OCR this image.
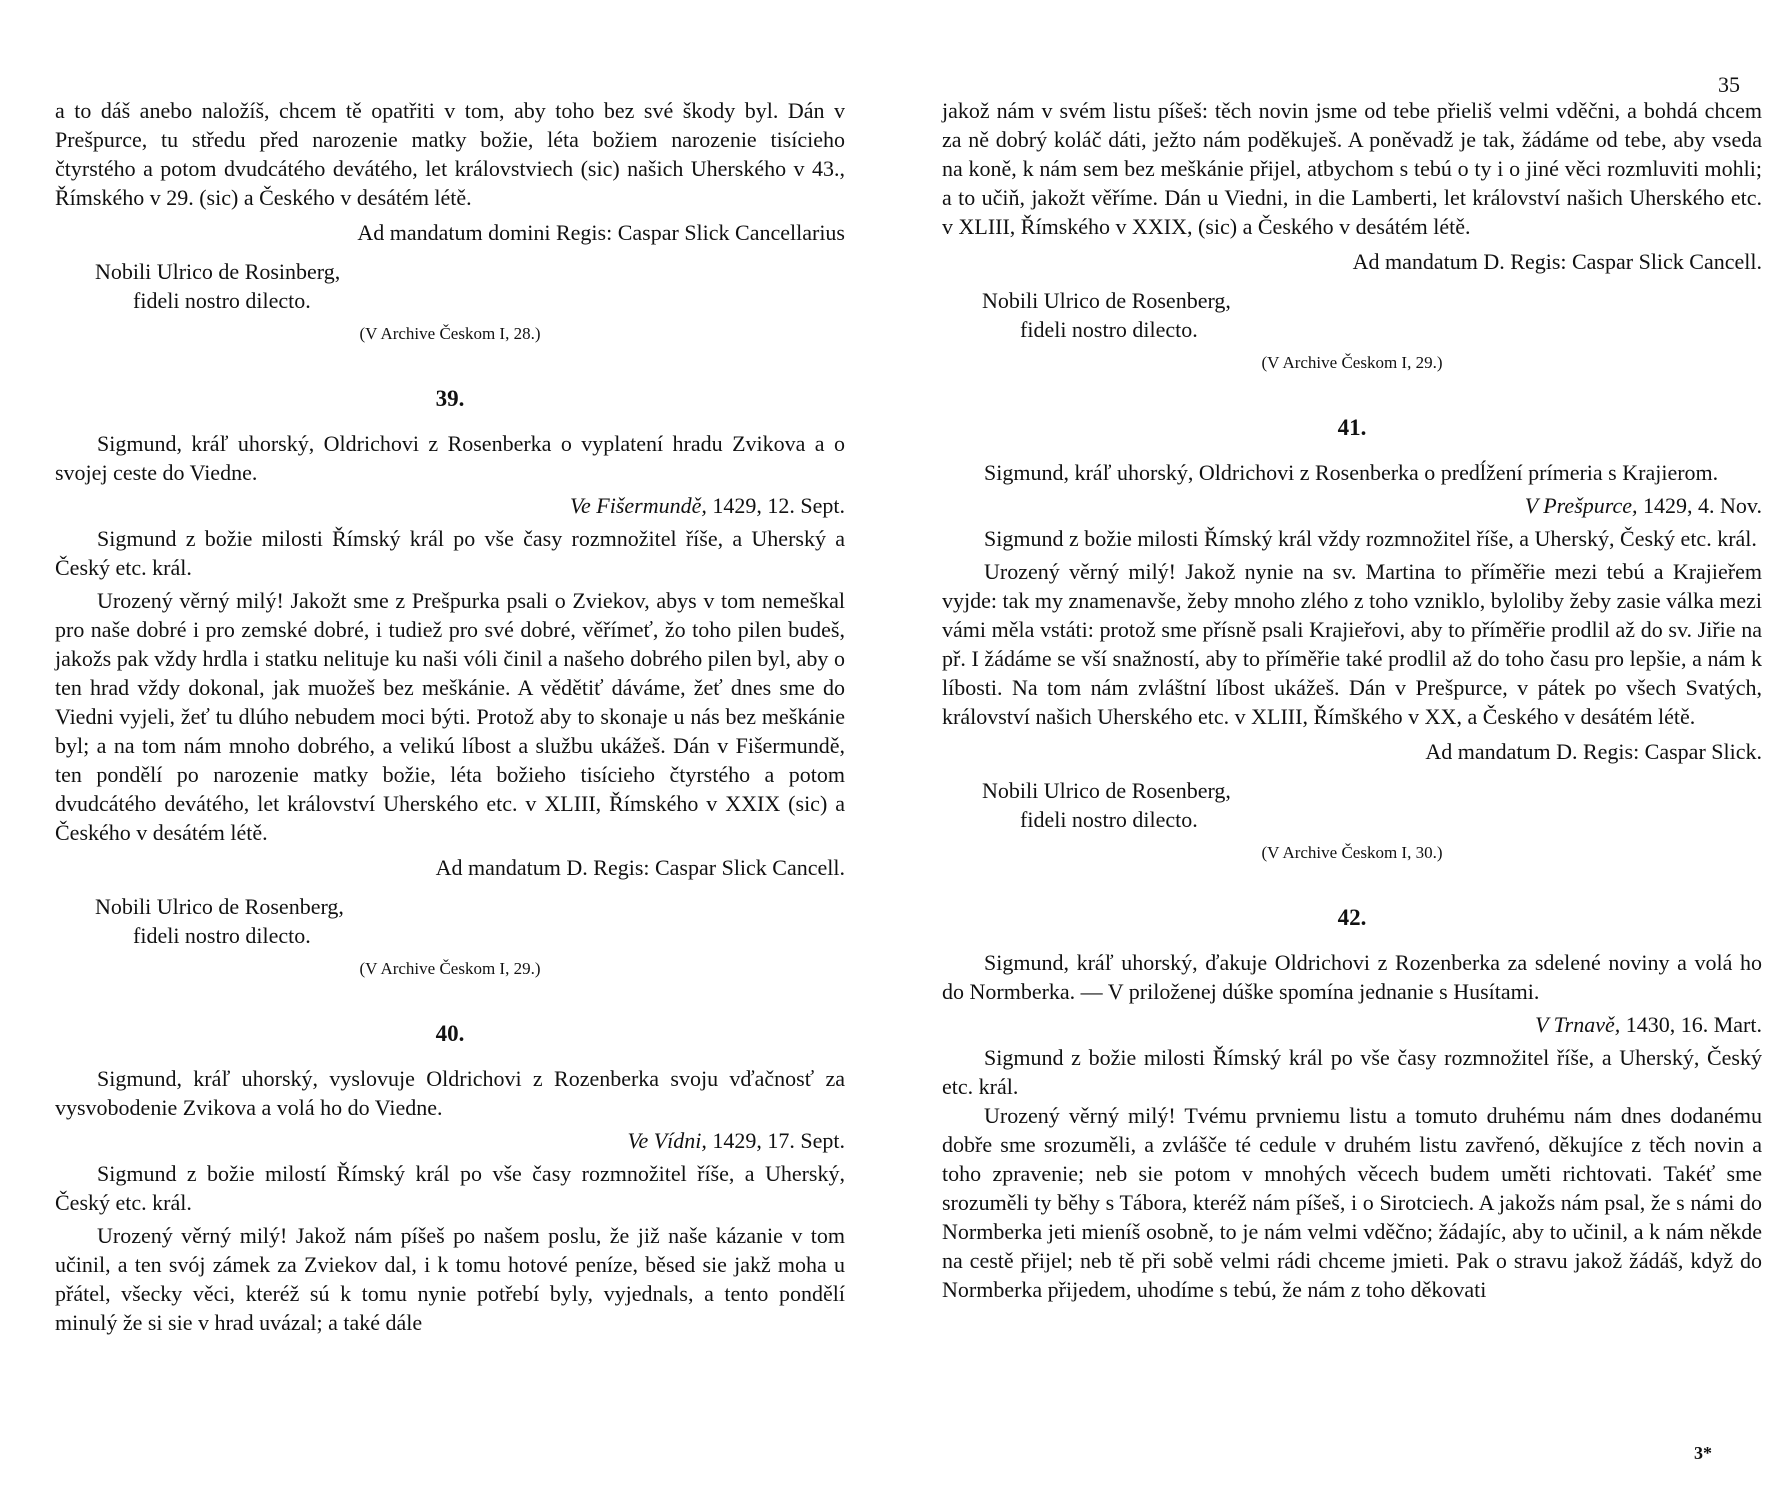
a to dáš anebo naložíš, chcem tě opatřiti v tom, aby toho bez své škody byl. Dán v Prešpurce, tu středu před narozenie matky božie, léta božiem narozenie tisícieho čtyrstého a potom dvudcátého devátého, let královstviech (sic) našich Uherského v 43., Římského v 29. (sic) a Českého v desátém létě.

Ad mandatum domini Regis: Caspar Slick Cancellarius

Nobili Ulrico de Rosinberg,
fideli nostro dilecto.
(V Archive Českom I, 28.)
39.

Sigmund, kráľ uhorský, Oldrichovi z Rosenberka o vyplatení hradu Zvikova a o svojej ceste do Viedne.

Ve Fišermundě, 1429, 12. Sept.

Sigmund z božie milosti Římský král po vše časy rozmnožitel říše, a Uherský a Český etc. král.

Urozený věrný milý! Jakožt sme z Prešpurka psali o Zviekov, abys v tom nemeškal pro naše dobré i pro zemské dobré, i tudiež pro své dobré, věřímeť, žo toho pilen budeš, jakožs pak vždy hrdla i statku nelituje ku naši vóli činil a našeho dobrého pilen byl, aby o ten hrad vždy dokonal, jak muožeš bez meškánie. A vědětiť dáváme, žeť dnes sme do Viedni vyjeli, žeť tu dlúho nebudem moci býti. Protož aby to skonaje u nás bez meškánie byl; a na tom nám mnoho dobrého, a velikú líbost a službu ukážeš. Dán v Fišermundě, ten pondělí po narozenie matky božie, léta božieho tisícieho čtyrstého a potom dvudcátého devátého, let království Uherského etc. v XLIII, Římského v XXIX (sic) a Českého v desátém létě.

Ad mandatum D. Regis: Caspar Slick Cancell.

Nobili Ulrico de Rosenberg,
fideli nostro dilecto.
(V Archive Českom I, 29.)
40.

Sigmund, kráľ uhorský, vyslovuje Oldrichovi z Rozenberka svoju vďačnosť za vysvobodenie Zvikova a volá ho do Viedne.

Ve Vídni, 1429, 17. Sept.

Sigmund z božie milostí Římský král po vše časy rozmnožitel říše, a Uherský, Český etc. král.

Urozený věrný milý! Jakož nám píšeš po našem poslu, že již naše kázanie v tom učinil, a ten svój zámek za Zviekov dal, i k tomu hotové peníze, běsed sie jakž moha u přátel, všecky věci, kteréž sú k tomu nynie potřebí byly, vyjednals, a tento pondělí minulý že si sie v hrad uvázal; a také dále

35

jakož nám v svém listu píšeš: těch novin jsme od tebe přieliš velmi vděčni, a bohdá chcem za ně dobrý koláč dáti, ježto nám poděkuješ. A poněvadž je tak, žádáme od tebe, aby vseda na koně, k nám sem bez meškánie přijel, atbychom s tebú o ty i o jiné věci rozmluviti mohli; a to učiň, jakožt věříme. Dán u Viedni, in die Lamberti, let království našich Uherského etc. v XLIII, Římského v XXIX, (sic) a Českého v desátém létě.

Ad mandatum D. Regis: Caspar Slick Cancell.

Nobili Ulrico de Rosenberg,
fideli nostro dilecto.
(V Archive Českom I, 29.)
41.

Sigmund, kráľ uhorský, Oldrichovi z Rosenberka o predĺžení prímeria s Krajierom.

V Prešpurce, 1429, 4. Nov.

Sigmund z božie milosti Římský král vždy rozmnožitel říše, a Uherský, Český etc. král.

Urozený věrný milý! Jakož nynie na sv. Martina to příměřie mezi tebú a Krajieřem vyjde: tak my znamenavše, žeby mnoho zlého z toho vzniklo, byloliby žeby zasie válka mezi vámi měla vstáti: protož sme přísně psali Krajieřovi, aby to příměřie prodlil až do sv. Jiřie na př. I žádáme se vší snažností, aby to příměřie také prodlil až do toho času pro lepšie, a nám k líbosti. Na tom nám zvláštní líbost ukážeš. Dán v Prešpurce, v pátek po všech Svatých, království našich Uherského etc. v XLIII, Římškého v XX, a Českého v desátém létě.

Ad mandatum D. Regis: Caspar Slick.

Nobili Ulrico de Rosenberg,
fideli nostro dilecto.
(V Archive Českom I, 30.)
42.

Sigmund, kráľ uhorský, ďakuje Oldrichovi z Rozenberka za sdelené noviny a volá ho do Normberka. — V priloženej dúške spomína jednanie s Husítami.

V Trnavě, 1430, 16. Mart.

Sigmund z božie milosti Římský král po vše časy rozmnožitel říše, a Uherský, Český etc. král.

Urozený věrný milý! Tvému prvniemu listu a tomuto druhému nám dnes dodanému dobře sme srozuměli, a zvlášče té cedule v druhém listu zavřenó, děkujíce z těch novin a toho zpravenie; neb sie potom v mnohých věcech budem uměti richtovati. Takéť sme srozuměli ty běhy s Tábora, kteréž nám píšeš, i o Sirotciech. A jakožs nám psal, že s námi do Normberka jeti mieníš osobně, to je nám velmi vděčno; žádajíc, aby to učinil, a k nám někde na cestě přijel; neb tě při sobě velmi rádi chceme jmieti. Pak o stravu jakož žádáš, když do Normberka přijedem, uhodíme s tebú, že nám z toho děkovati

3*
